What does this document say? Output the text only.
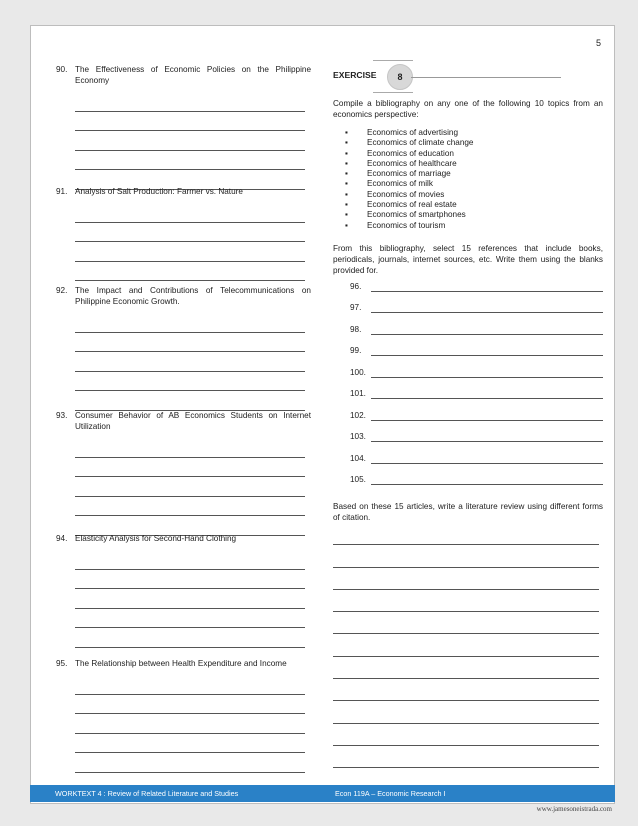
5
90. The Effectiveness of Economic Policies on the Philippine Economy
91. Analysis of Salt Production: Farmer vs. Nature
92. The Impact and Contributions of Telecommunications on Philippine Economic Growth.
93. Consumer Behavior of AB Economics Students on Internet Utilization
94. Elasticity Analysis for Second-Hand Clothing
95. The Relationship between Health Expenditure and Income
EXERCISE	8
Compile a bibliography on any one of the following 10 topics from an economics perspective:
▪ Economics of advertising
▪ Economics of climate change
▪ Economics of education
▪ Economics of healthcare
▪ Economics of marriage
▪ Economics of milk
▪ Economics of movies
▪ Economics of real estate
▪ Economics of smartphones
▪ Economics of tourism
From this bibliography, select 15 references that include books, periodicals, journals, internet sources, etc. Write them using the blanks provided for.
96.
97.
98.
99.
100.
101.
102.
103.
104.
105.
Based on these 15 articles, write a literature review using different forms of citation.
WORKTEXT 4 : Review of Related Literature and Studies	Econ 119A – Economic Research I
www.jamesoneistrada.com
